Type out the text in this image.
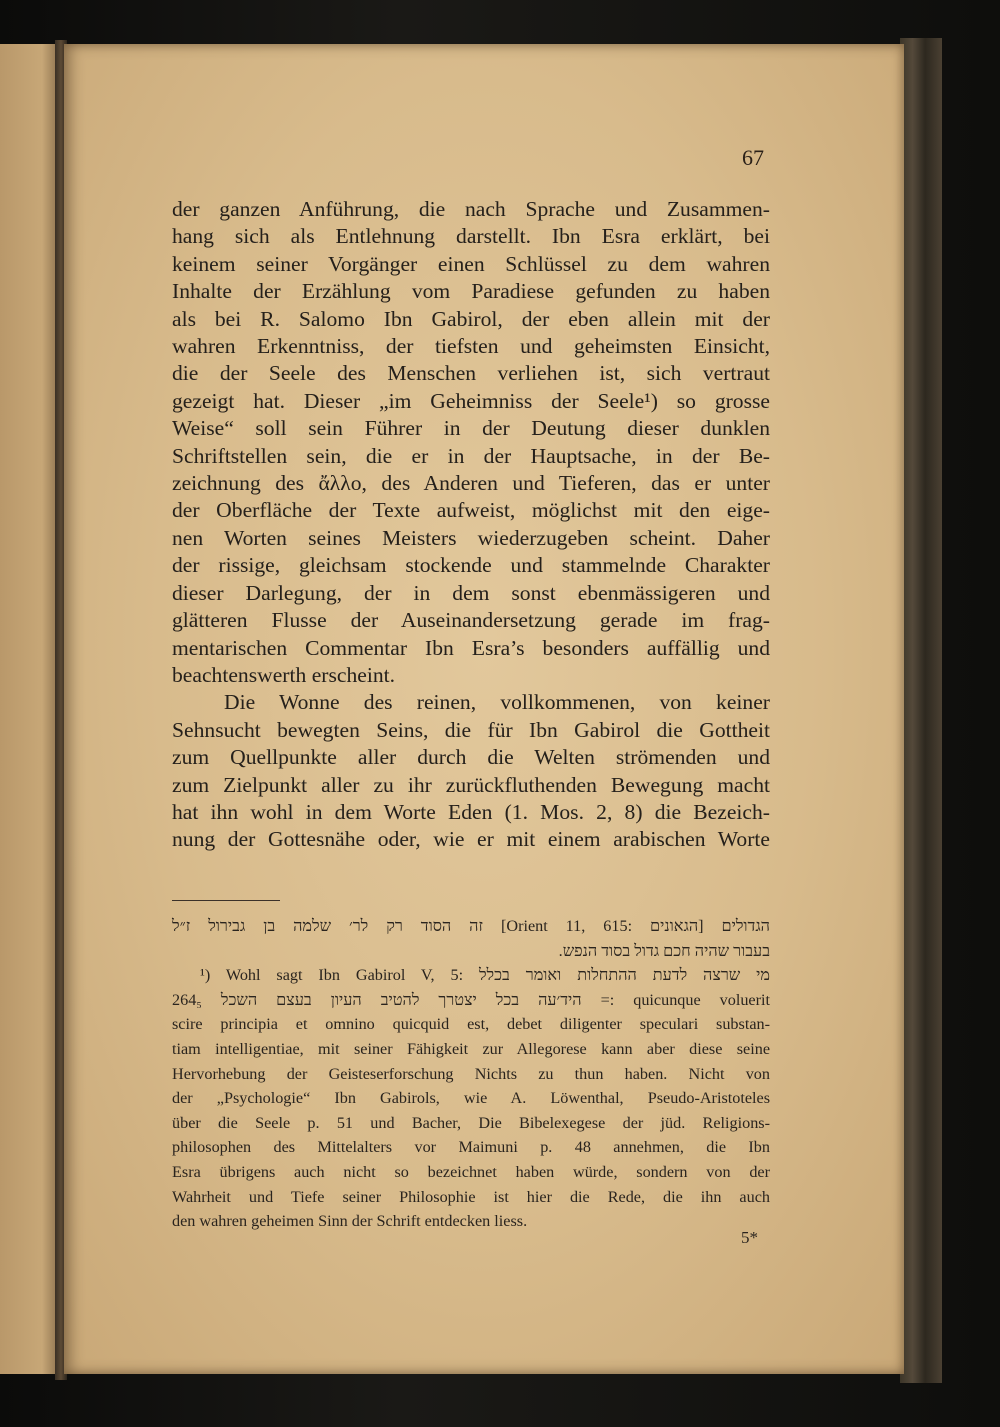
67
der ganzen Anführung, die nach Sprache und Zusammen-
hang sich als Entlehnung darstellt. Ibn Esra erklärt, bei
keinem seiner Vorgänger einen Schlüssel zu dem wahren
Inhalte der Erzählung vom Paradiese gefunden zu haben
als bei R. Salomo Ibn Gabirol, der eben allein mit der
wahren Erkenntniss, der tiefsten und geheimsten Einsicht,
die der Seele des Menschen verliehen ist, sich vertraut
gezeigt hat. Dieser „im Geheimniss der Seele¹) so grosse
Weise“ soll sein Führer in der Deutung dieser dunklen
Schriftstellen sein, die er in der Hauptsache, in der Be-
zeichnung des ἄλλο, des Anderen und Tieferen, das er unter
der Oberfläche der Texte aufweist, möglichst mit den eige-
nen Worten seines Meisters wiederzugeben scheint. Daher
der rissige, gleichsam stockende und stammelnde Charakter
dieser Darlegung, der in dem sonst ebenmässigeren und
glätteren Flusse der Auseinandersetzung gerade im frag-
mentarischen Commentar Ibn Esra’s besonders auffällig und
beachtenswerth erscheint.
Die Wonne des reinen, vollkommenen, von keiner
Sehnsucht bewegten Seins, die für Ibn Gabirol die Gottheit
zum Quellpunkte aller durch die Welten strömenden und
zum Zielpunkt aller zu ihr zurückfluthenden Bewegung macht
hat ihn wohl in dem Worte Eden (1. Mos. 2, 8) die Bezeich-
nung der Gottesnähe oder, wie er mit einem arabischen Worte
הגדולים [הגאונים :Orient 11, 615] זה הסוד רק לר׳ שלמה בן גבירול ז״ל
בעבור שהיה חכם גדול בסוד הנפש.
¹) Wohl sagt Ibn Gabirol V, 5: מי שרצה לדעת ההתחלות ואומר בכלל
היד׳עה בכל יצטרך להטיב העיון בעצם השכל 264₅ =: quicunque voluerit
scire principia et omnino quicquid est, debet diligenter speculari substan-
tiam intelligentiae, mit seiner Fähigkeit zur Allegorese kann aber diese seine
Hervorhebung der Geisteserforschung Nichts zu thun haben. Nicht von
der „Psychologie“ Ibn Gabirols, wie A. Löwenthal, Pseudo-Aristoteles
über die Seele p. 51 und Bacher, Die Bibelexegese der jüd. Religions-
philosophen des Mittelalters vor Maimuni p. 48 annehmen, die Ibn
Esra übrigens auch nicht so bezeichnet haben würde, sondern von der
Wahrheit und Tiefe seiner Philosophie ist hier die Rede, die ihn auch
den wahren geheimen Sinn der Schrift entdecken liess.
5*
